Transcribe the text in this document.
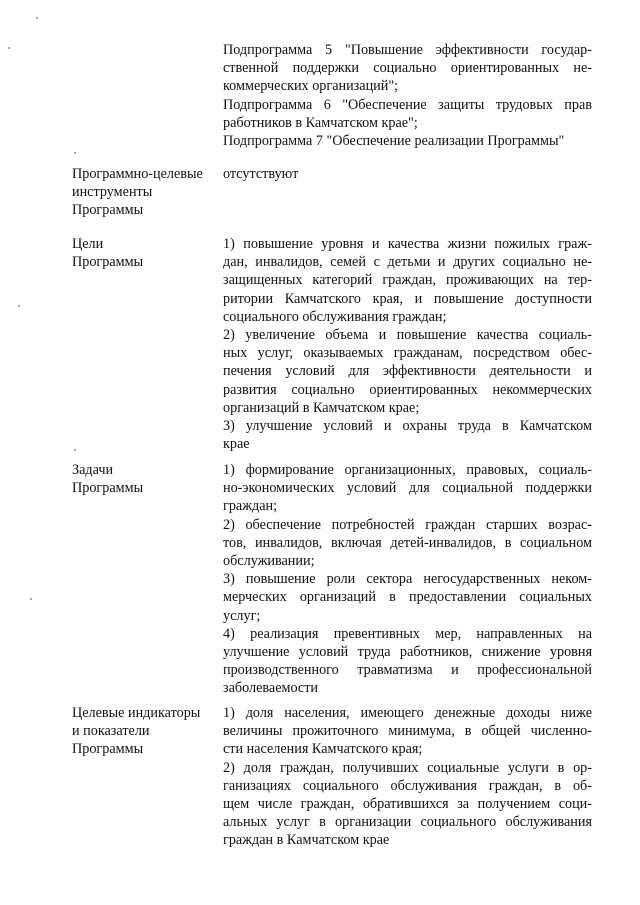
Подпрограмма 5 "Повышение эффективности государ-
ственной поддержки социально ориентированных не-
коммерческих организаций";
Подпрограмма 6 "Обеспечение защиты трудовых прав
работников в Камчатском крае";
Подпрограмма 7 "Обеспечение реализации Программы"
Программно-целевые
инструменты
Программы
отсутствуют
Цели
Программы
1) повышение уровня и качества жизни пожилых граж-
дан, инвалидов, семей с детьми и других социально не-
защищенных категорий граждан, проживающих на тер-
ритории Камчатского края, и повышение доступности
социального обслуживания граждан;
2) увеличение объема и повышение качества социаль-
ных услуг, оказываемых гражданам, посредством обес-
печения условий для эффективности деятельности и
развития социально ориентированных некоммерческих
организаций в Камчатском крае;
3) улучшение условий и охраны труда в Камчатском
крае
Задачи
Программы
1) формирование организационных, правовых, социаль-
но-экономических условий для социальной поддержки
граждан;
2) обеспечение потребностей граждан старших возрас-
тов, инвалидов, включая детей-инвалидов, в социальном
обслуживании;
3) повышение роли сектора негосударственных неком-
мерческих организаций в предоставлении социальных
услуг;
4) реализация превентивных мер, направленных на
улучшение условий труда работников, снижение уровня
производственного травматизма и профессиональной
заболеваемости
Целевые индикаторы
и показатели
Программы
1) доля населения, имеющего денежные доходы ниже
величины прожиточного минимума, в общей численно-
сти населения Камчатского края;
2) доля граждан, получивших социальные услуги в ор-
ганизациях социального обслуживания граждан, в об-
щем числе граждан, обратившихся за получением соци-
альных услуг в организации социального обслуживания
граждан в Камчатском крае
